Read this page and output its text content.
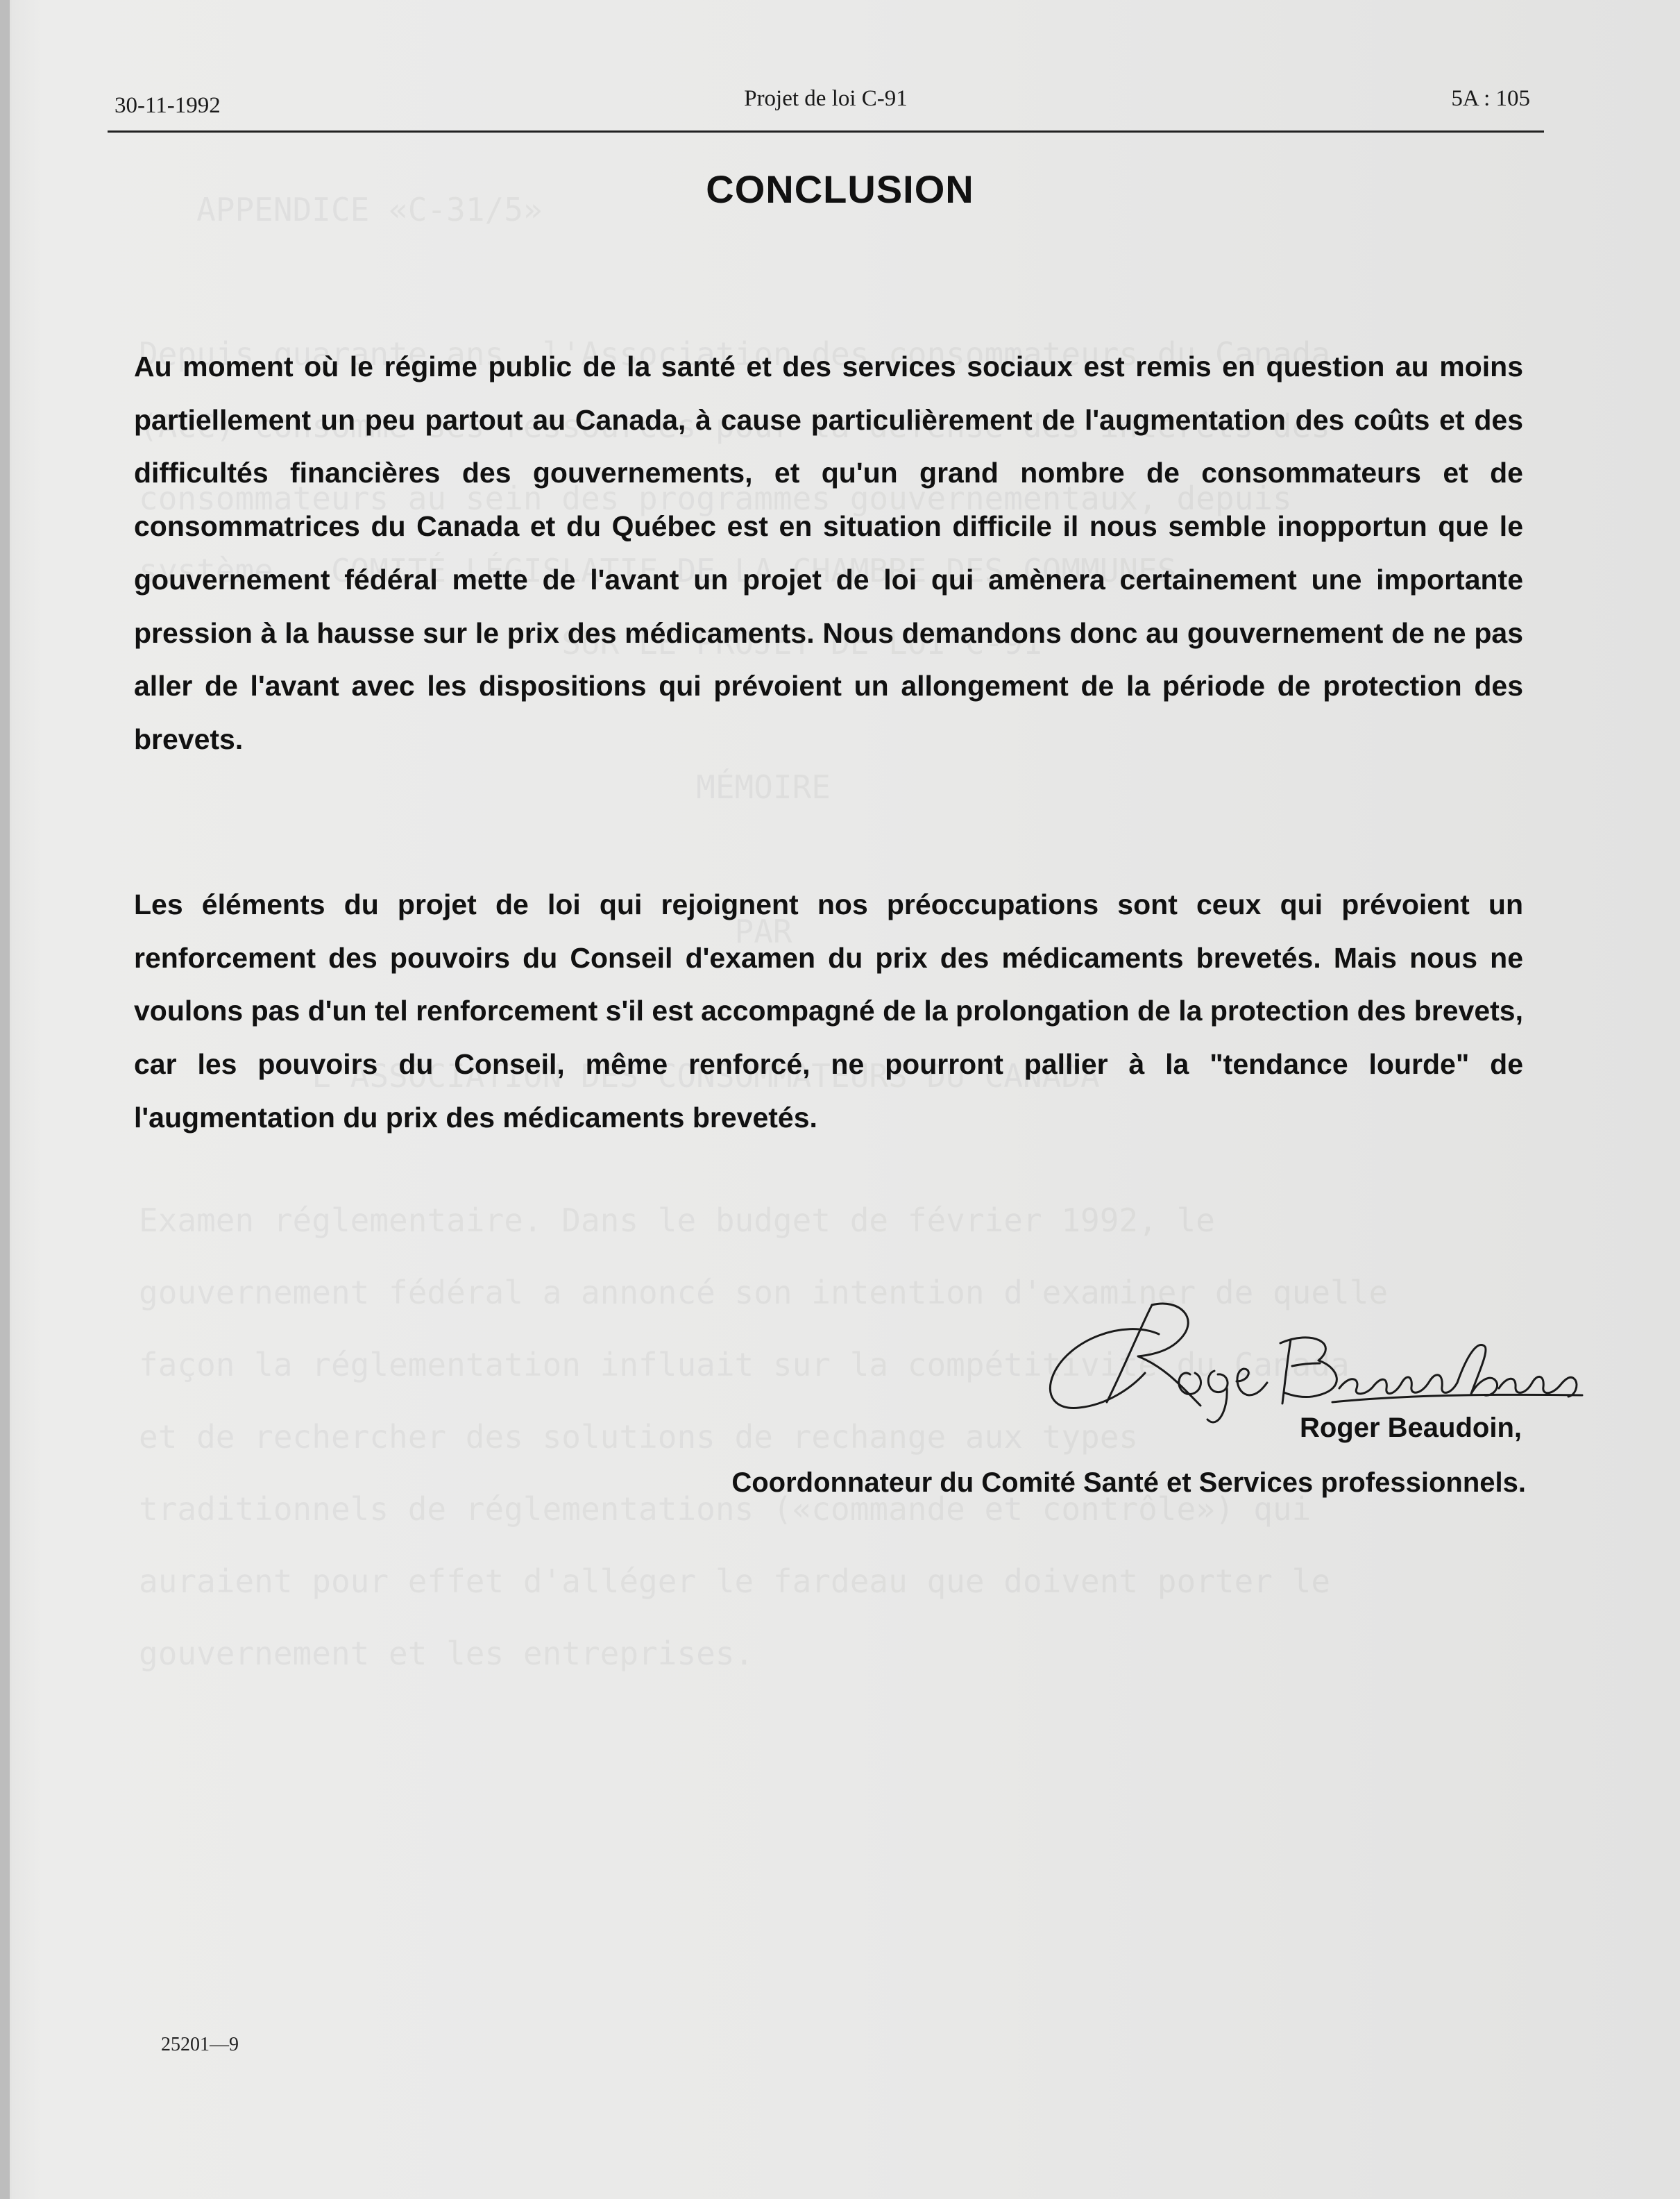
30-11-1992	Projet de loi C-91	5A : 105
CONCLUSION
Au moment où le régime public de la santé et des services sociaux est remis en question au moins partiellement un peu partout au Canada, à cause particulièrement de l'augmentation des coûts et des difficultés financières des gouvernements, et qu'un grand nombre de consommateurs et de consommatrices du Canada et du Québec est en situation difficile il nous semble inopportun que le gouvernement fédéral mette de l'avant un projet de loi qui amènera certainement une importante pression à la hausse sur le prix des médicaments. Nous demandons donc au gouvernement de ne pas aller de l'avant avec les dispositions qui prévoient un allongement de la période de protection des brevets.
Les éléments du projet de loi qui rejoignent nos préoccupations sont ceux qui prévoient un renforcement des pouvoirs du Conseil d'examen du prix des médicaments brevetés. Mais nous ne voulons pas d'un tel renforcement s'il est accompagné de la prolongation de la protection des brevets, car les pouvoirs du Conseil, même renforcé, ne pourront pallier à la "tendance lourde" de l'augmentation du prix des médicaments brevetés.
Roger Beaudoin,
Coordonnateur du Comité Santé et Services professionnels.
25201—9
